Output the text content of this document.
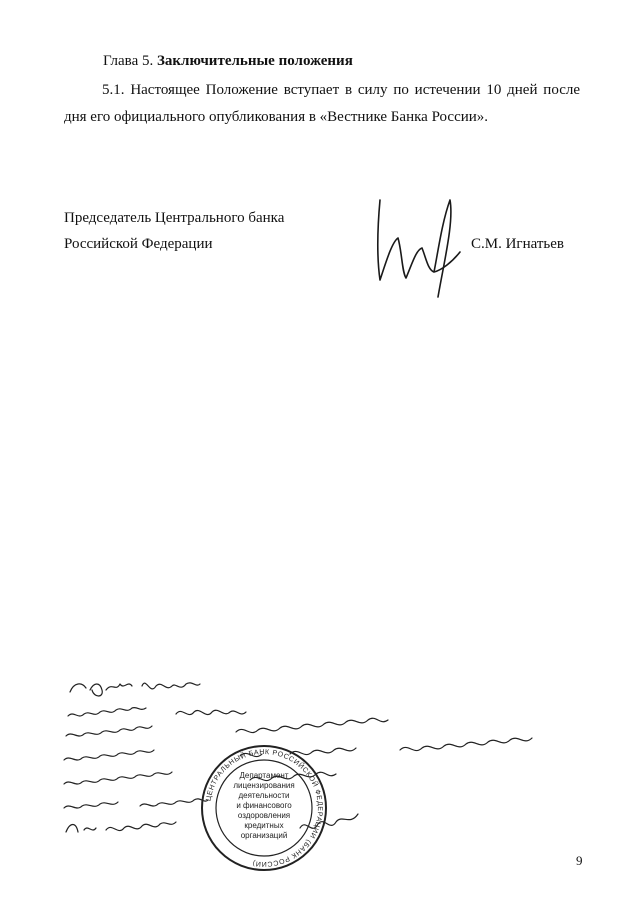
Глава 5. Заключительные положения
5.1. Настоящее Положение вступает в силу по истечении 10 дней после дня его официального опубликования в «Вестнике Банка России».
Председатель Центрального банка
Российской Федерации	С.М. Игнатьев
ЦЕНТРАЛЬНЫЙ БАНК РОССИЙСКОЙ ФЕДЕРАЦИИ (БАНК РОССИИ)
Департамент
лицензирования
деятельности
и финансового
оздоровления
кредитных
организаций
9
